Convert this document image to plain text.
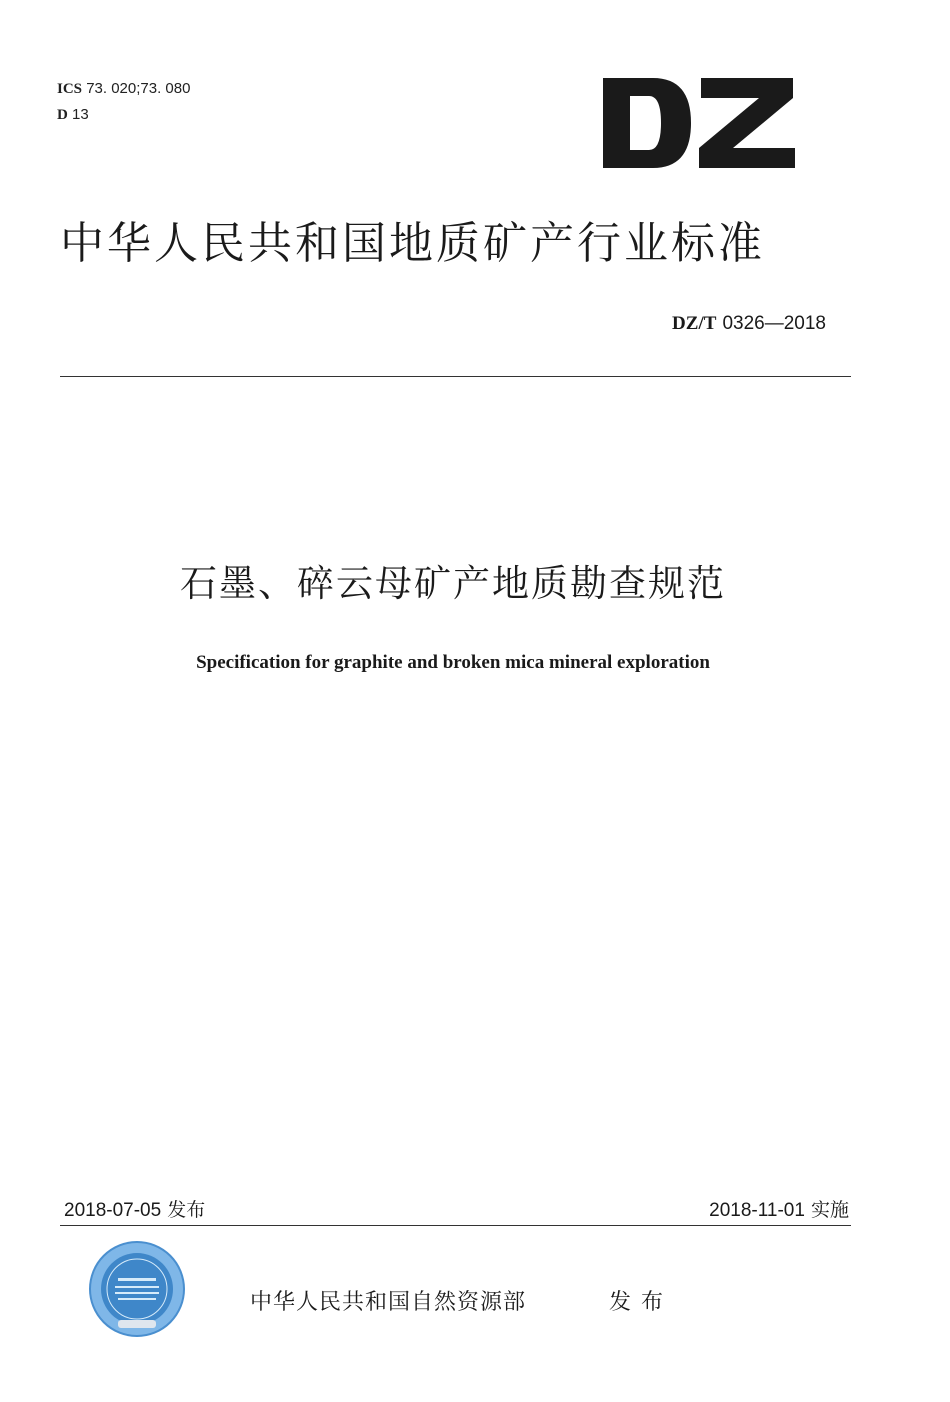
ICS 73. 020;73. 080
D 13
中华人民共和国地质矿产行业标准
DZ/T 0326—2018
石墨、碎云母矿产地质勘查规范
Specification for graphite and broken mica mineral exploration
2018-07-05 发布	2018-11-01 实施
中华人民共和国自然资源部	发布
